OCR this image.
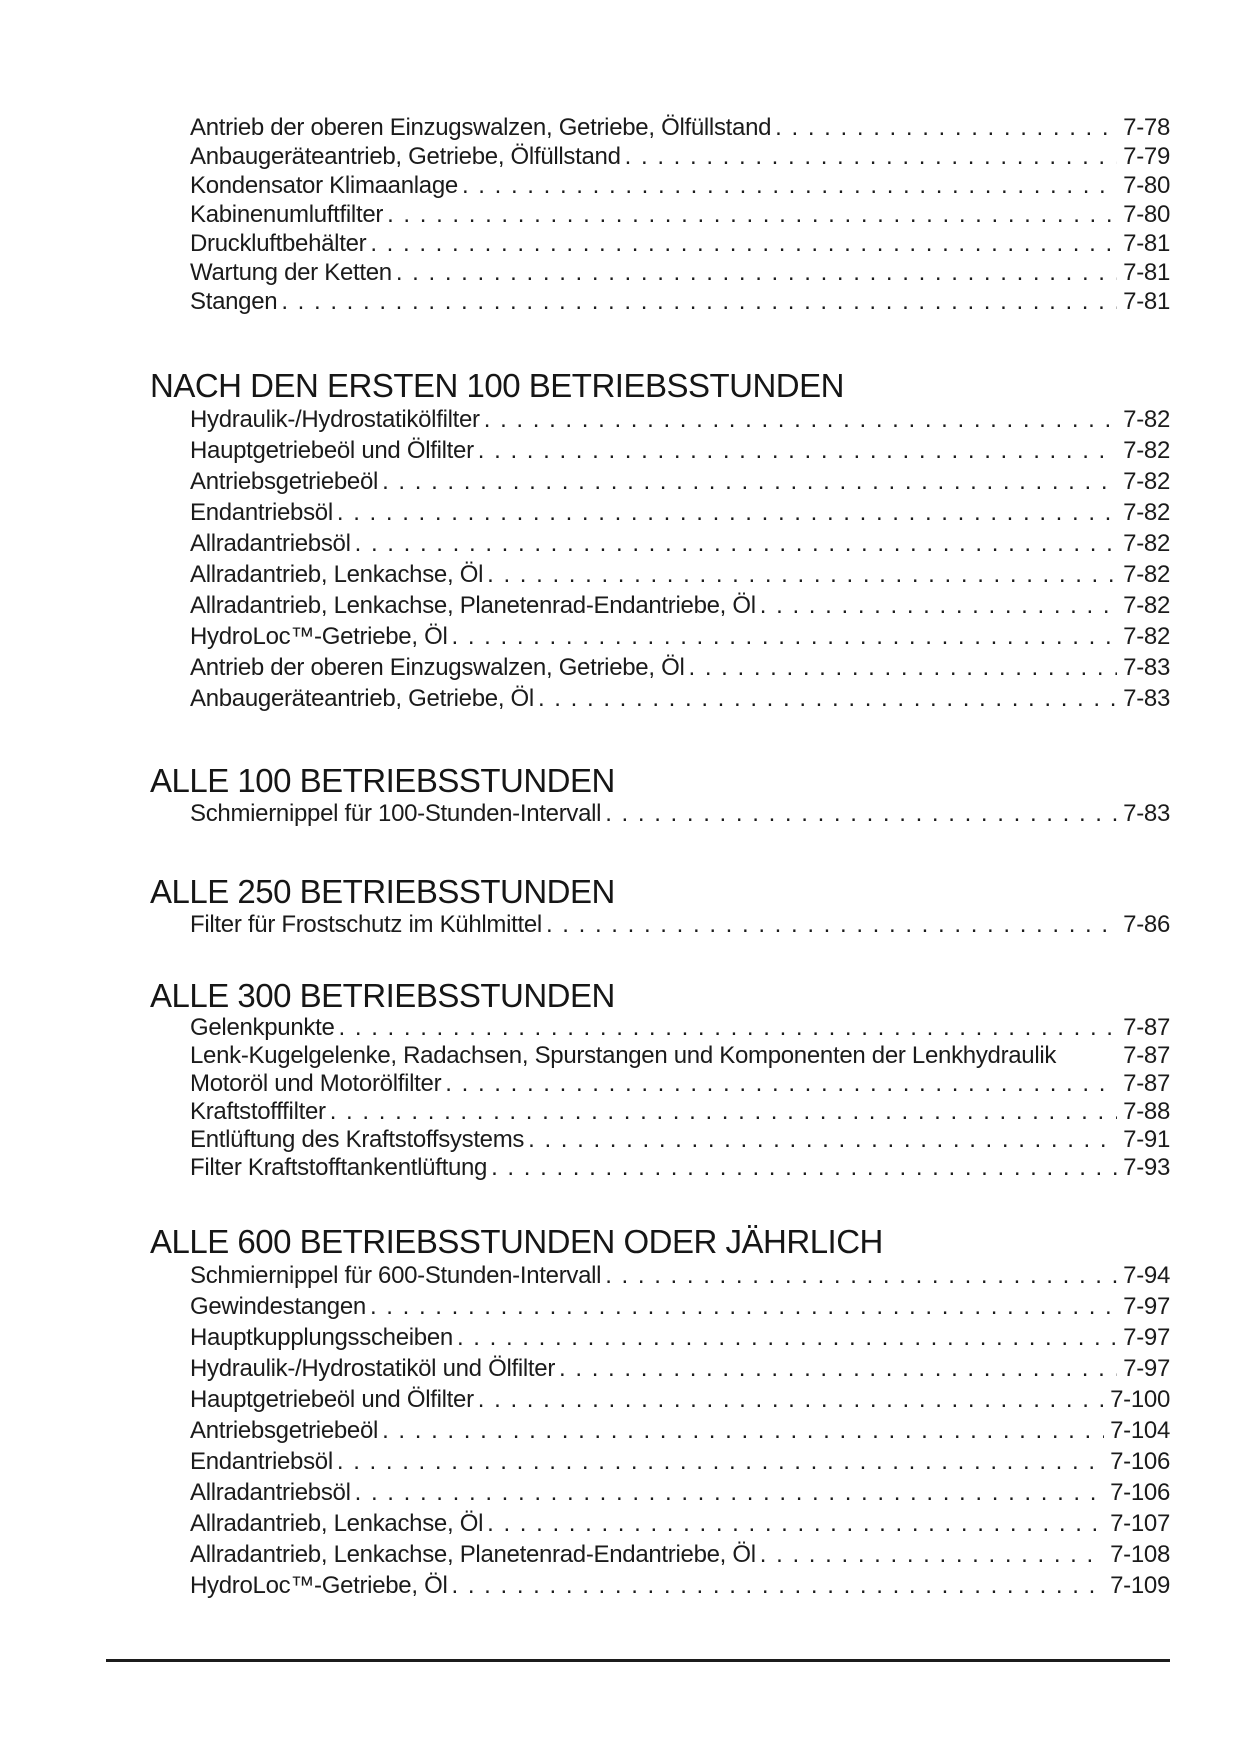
Antrieb der oberen Einzugswalzen, Getriebe, Ölfüllstand . . .	7-78
Anbaugeräteantrieb, Getriebe, Ölfüllstand . . .	7-79
Kondensator Klimaanlage . . .	7-80
Kabinenumluftfilter . . .	7-80
Druckluftbehälter . . .	7-81
Wartung der Ketten . . .	7-81
Stangen . . .	7-81
NACH DEN ERSTEN 100 BETRIEBSSTUNDEN
Hydraulik-/Hydrostatikölfilter . . .	7-82
Hauptgetriebeöl und Ölfilter . . .	7-82
Antriebsgetriebeöl . . .	7-82
Endantriebsöl . . .	7-82
Allradantriebsöl . . .	7-82
Allradantrieb, Lenkachse, Öl . . .	7-82
Allradantrieb, Lenkachse, Planetenrad-Endantriebe, Öl . . .	7-82
HydroLoc™-Getriebe, Öl . . .	7-82
Antrieb der oberen Einzugswalzen, Getriebe, Öl . . .	7-83
Anbaugeräteantrieb, Getriebe, Öl . . .	7-83
ALLE 100 BETRIEBSSTUNDEN
Schmiernippel für 100-Stunden-Intervall . . .	7-83
ALLE 250 BETRIEBSSTUNDEN
Filter für Frostschutz im Kühlmittel . . .	7-86
ALLE 300 BETRIEBSSTUNDEN
Gelenkpunkte . . .	7-87
Lenk-Kugelgelenke, Radachsen, Spurstangen und Komponenten der Lenkhydraulik	7-87
Motoröl und Motorölfilter . . .	7-87
Kraftstofffilter . . .	7-88
Entlüftung des Kraftstoffsystems . . .	7-91
Filter Kraftstofftankentlüftung . . .	7-93
ALLE 600 BETRIEBSSTUNDEN ODER JÄHRLICH
Schmiernippel für 600-Stunden-Intervall . . .	7-94
Gewindestangen . . .	7-97
Hauptkupplungsscheiben . . .	7-97
Hydraulik-/Hydrostatiköl und Ölfilter . . .	7-97
Hauptgetriebeöl und Ölfilter . . .	7-100
Antriebsgetriebeöl . . .	7-104
Endantriebsöl . . .	7-106
Allradantriebsöl . . .	7-106
Allradantrieb, Lenkachse, Öl . . .	7-107
Allradantrieb, Lenkachse, Planetenrad-Endantriebe, Öl . . .	7-108
HydroLoc™-Getriebe, Öl . . .	7-109
